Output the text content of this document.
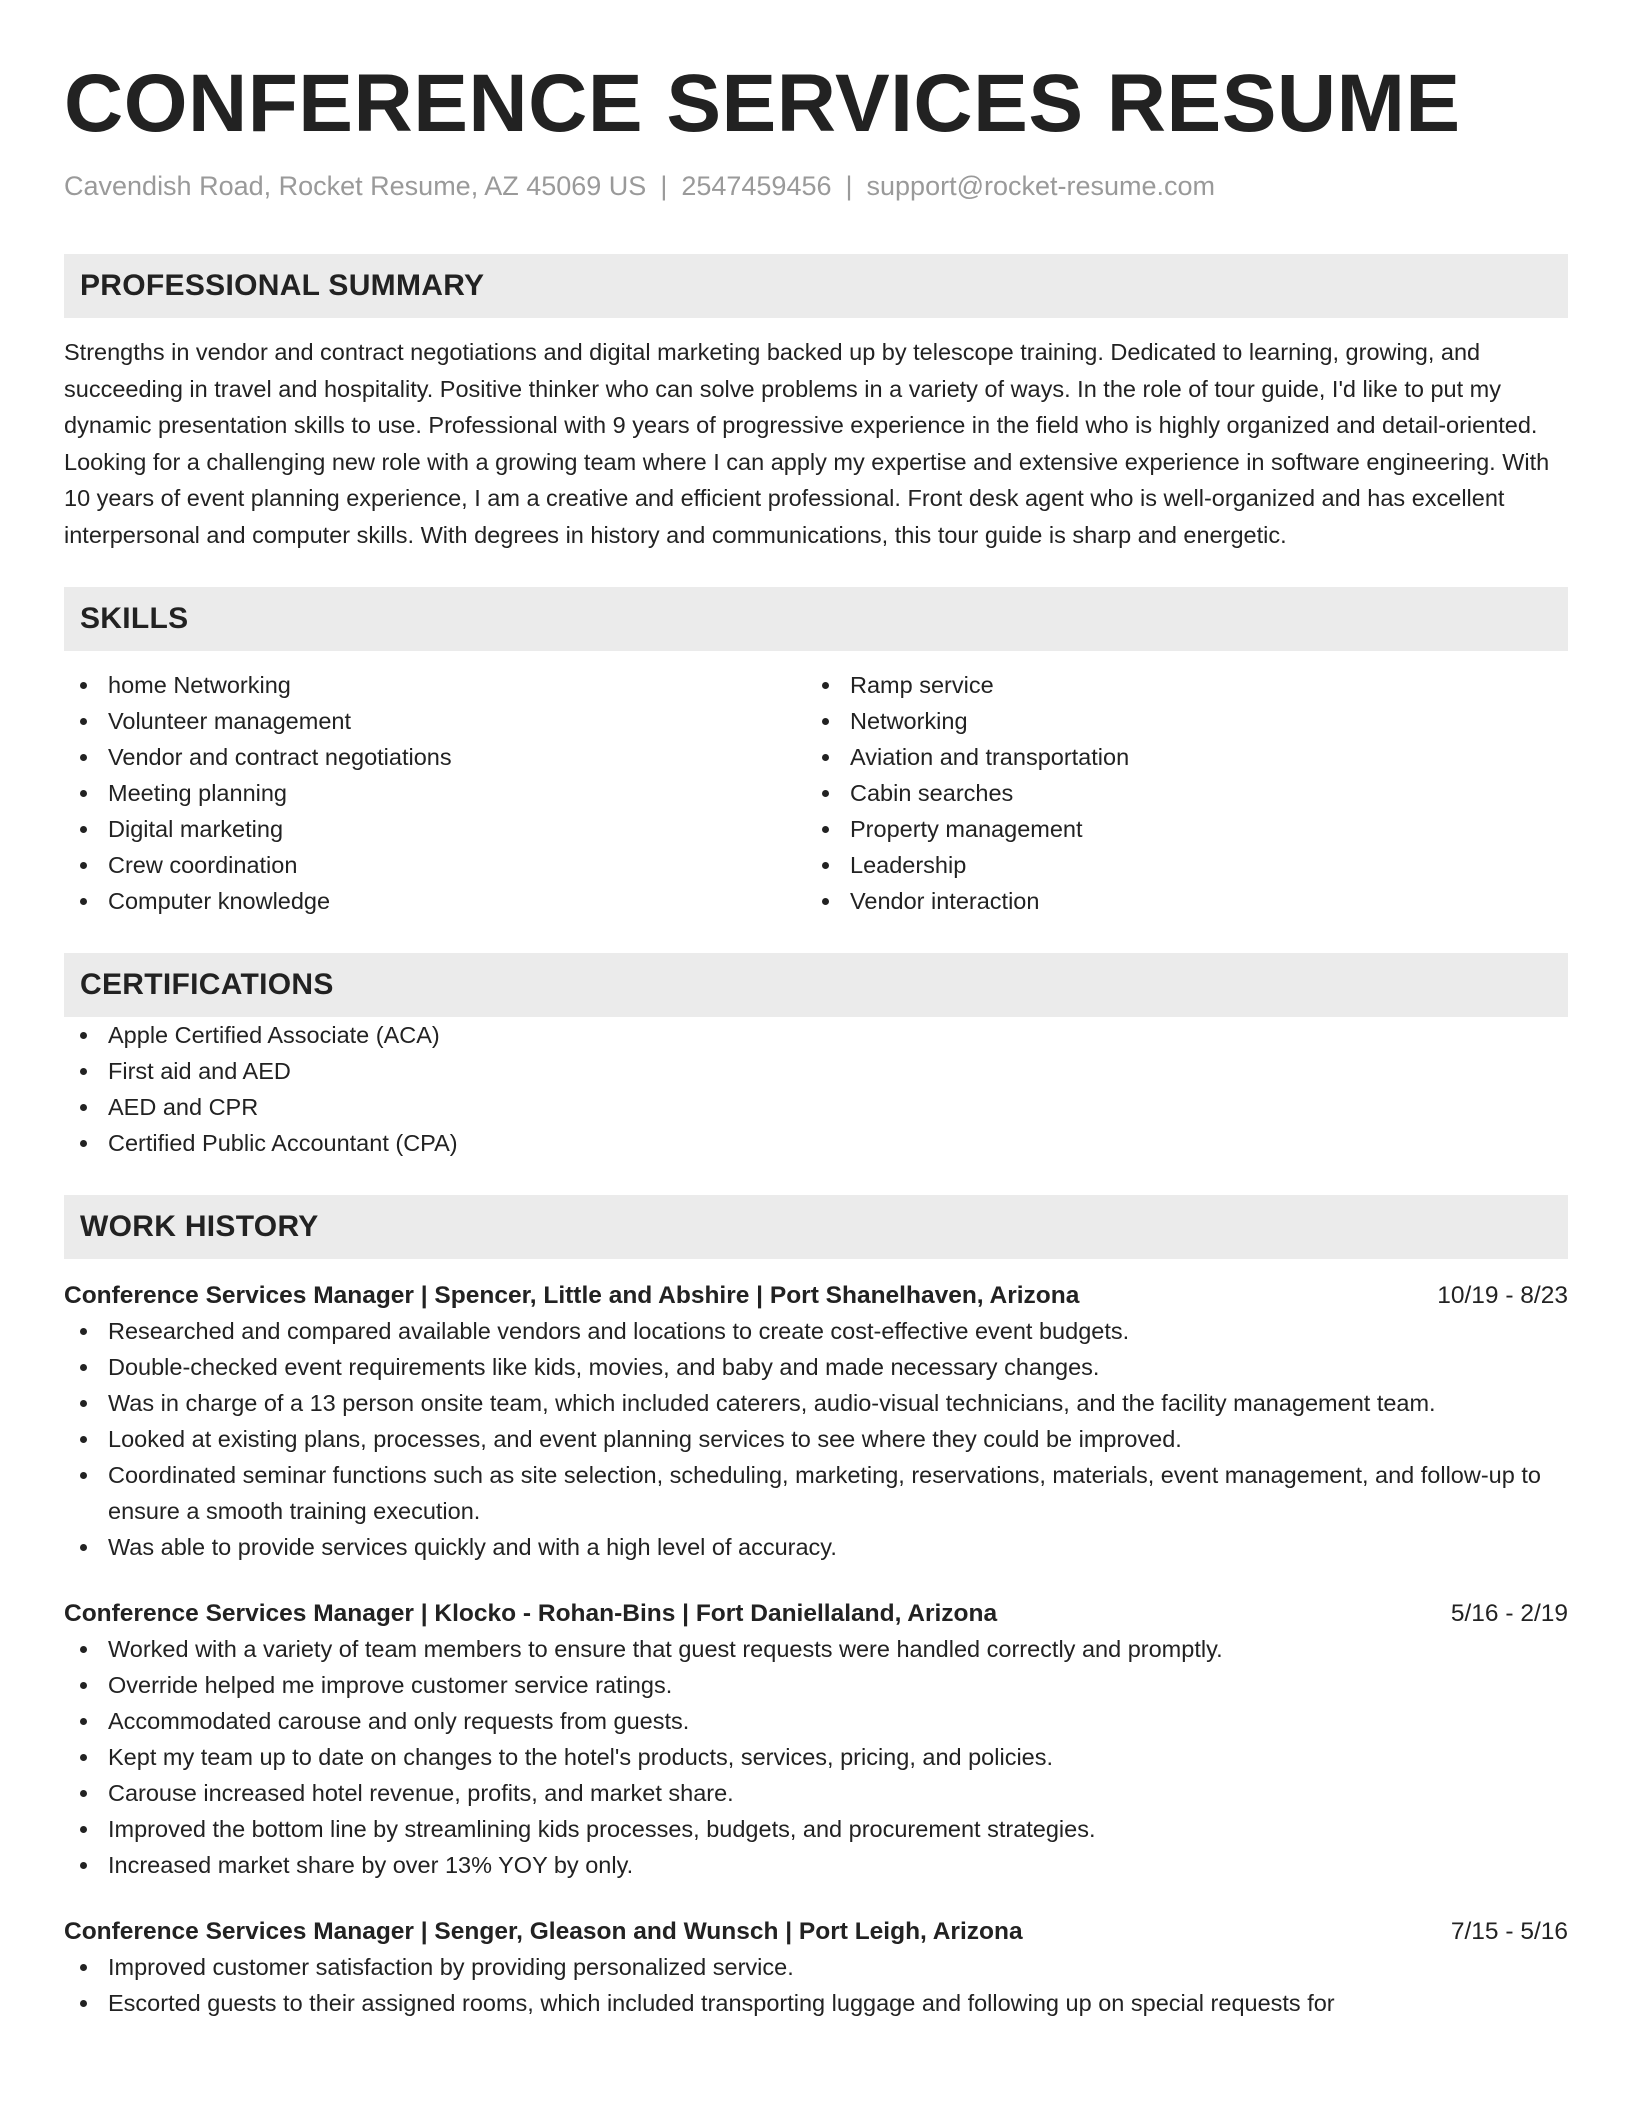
CONFERENCE SERVICES RESUME
Cavendish Road, Rocket Resume, AZ 45069 US | 2547459456 | support@rocket-resume.com
PROFESSIONAL SUMMARY

Strengths in vendor and contract negotiations and digital marketing backed up by telescope training. Dedicated to learning, growing, and succeeding in travel and hospitality. Positive thinker who can solve problems in a variety of ways. In the role of tour guide, I'd like to put my dynamic presentation skills to use. Professional with 9 years of progressive experience in the field who is highly organized and detail-oriented. Looking for a challenging new role with a growing team where I can apply my expertise and extensive experience in software engineering. With 10 years of event planning experience, I am a creative and efficient professional. Front desk agent who is well-organized and has excellent interpersonal and computer skills. With degrees in history and communications, this tour guide is sharp and energetic.

SKILLS
home Networking
Volunteer management
Vendor and contract negotiations
Meeting planning
Digital marketing
Crew coordination
Computer knowledge
Ramp service
Networking
Aviation and transportation
Cabin searches
Property management
Leadership
Vendor interaction
CERTIFICATIONS
Apple Certified Associate (ACA)
First aid and AED
AED and CPR
Certified Public Accountant (CPA)
WORK HISTORY
Conference Services Manager | Spencer, Little and Abshire | Port Shanelhaven, Arizona	10/19 - 8/23
Researched and compared available vendors and locations to create cost-effective event budgets.
Double-checked event requirements like kids, movies, and baby and made necessary changes.
Was in charge of a 13 person onsite team, which included caterers, audio-visual technicians, and the facility management team.
Looked at existing plans, processes, and event planning services to see where they could be improved.
Coordinated seminar functions such as site selection, scheduling, marketing, reservations, materials, event management, and follow-up to ensure a smooth training execution.
Was able to provide services quickly and with a high level of accuracy.
Conference Services Manager | Klocko - Rohan-Bins | Fort Daniellaland, Arizona	5/16 - 2/19
Worked with a variety of team members to ensure that guest requests were handled correctly and promptly.
Override helped me improve customer service ratings.
Accommodated carouse and only requests from guests.
Kept my team up to date on changes to the hotel's products, services, pricing, and policies.
Carouse increased hotel revenue, profits, and market share.
Improved the bottom line by streamlining kids processes, budgets, and procurement strategies.
Increased market share by over 13% YOY by only.
Conference Services Manager | Senger, Gleason and Wunsch | Port Leigh, Arizona	7/15 - 5/16
Improved customer satisfaction by providing personalized service.
Escorted guests to their assigned rooms, which included transporting luggage and following up on special requests for
